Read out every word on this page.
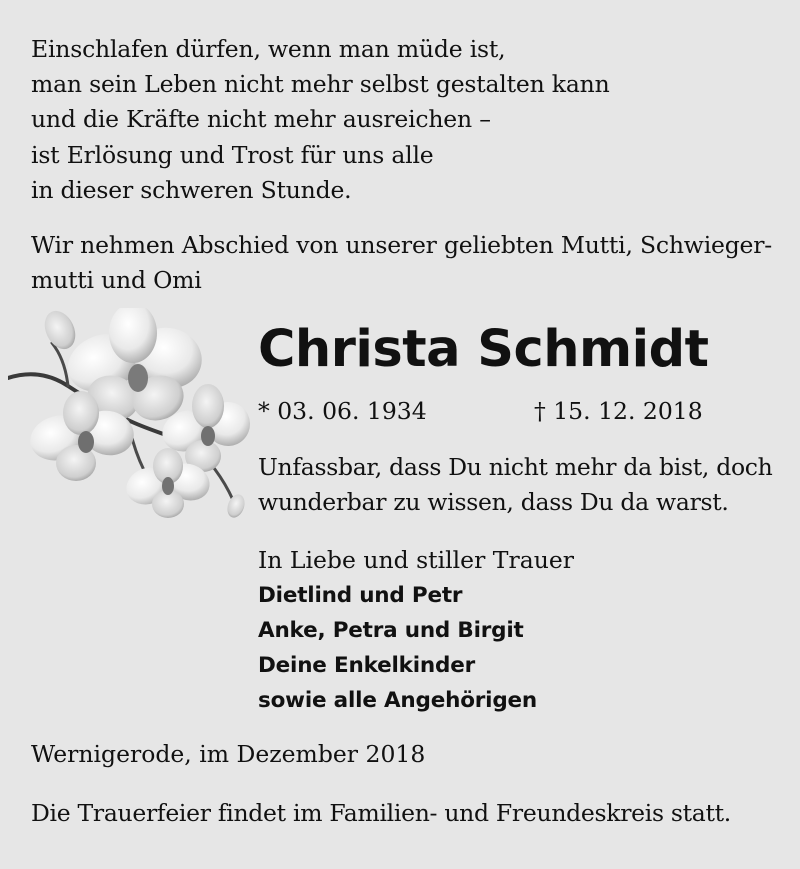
Einschlafen dürfen, wenn man müde ist,
man sein Leben nicht mehr selbst gestalten kann
und die Kräfte nicht mehr ausreichen –
ist Erlösung und Trost für uns alle
in dieser schweren Stunde.
Wir nehmen Abschied von unserer geliebten Mutti, Schwieger-
mutti und Omi
Christa Schmidt
* 03. 06. 1934	† 15. 12. 2018
Unfassbar, dass Du nicht mehr da bist, doch
wunderbar zu wissen, dass Du da warst.
In Liebe und stiller Trauer
Dietlind und Petr
Anke, Petra und Birgit
Deine Enkelkinder
sowie alle Angehörigen
Wernigerode, im Dezember 2018
Die Trauerfeier findet im Familien- und Freundeskreis statt.
